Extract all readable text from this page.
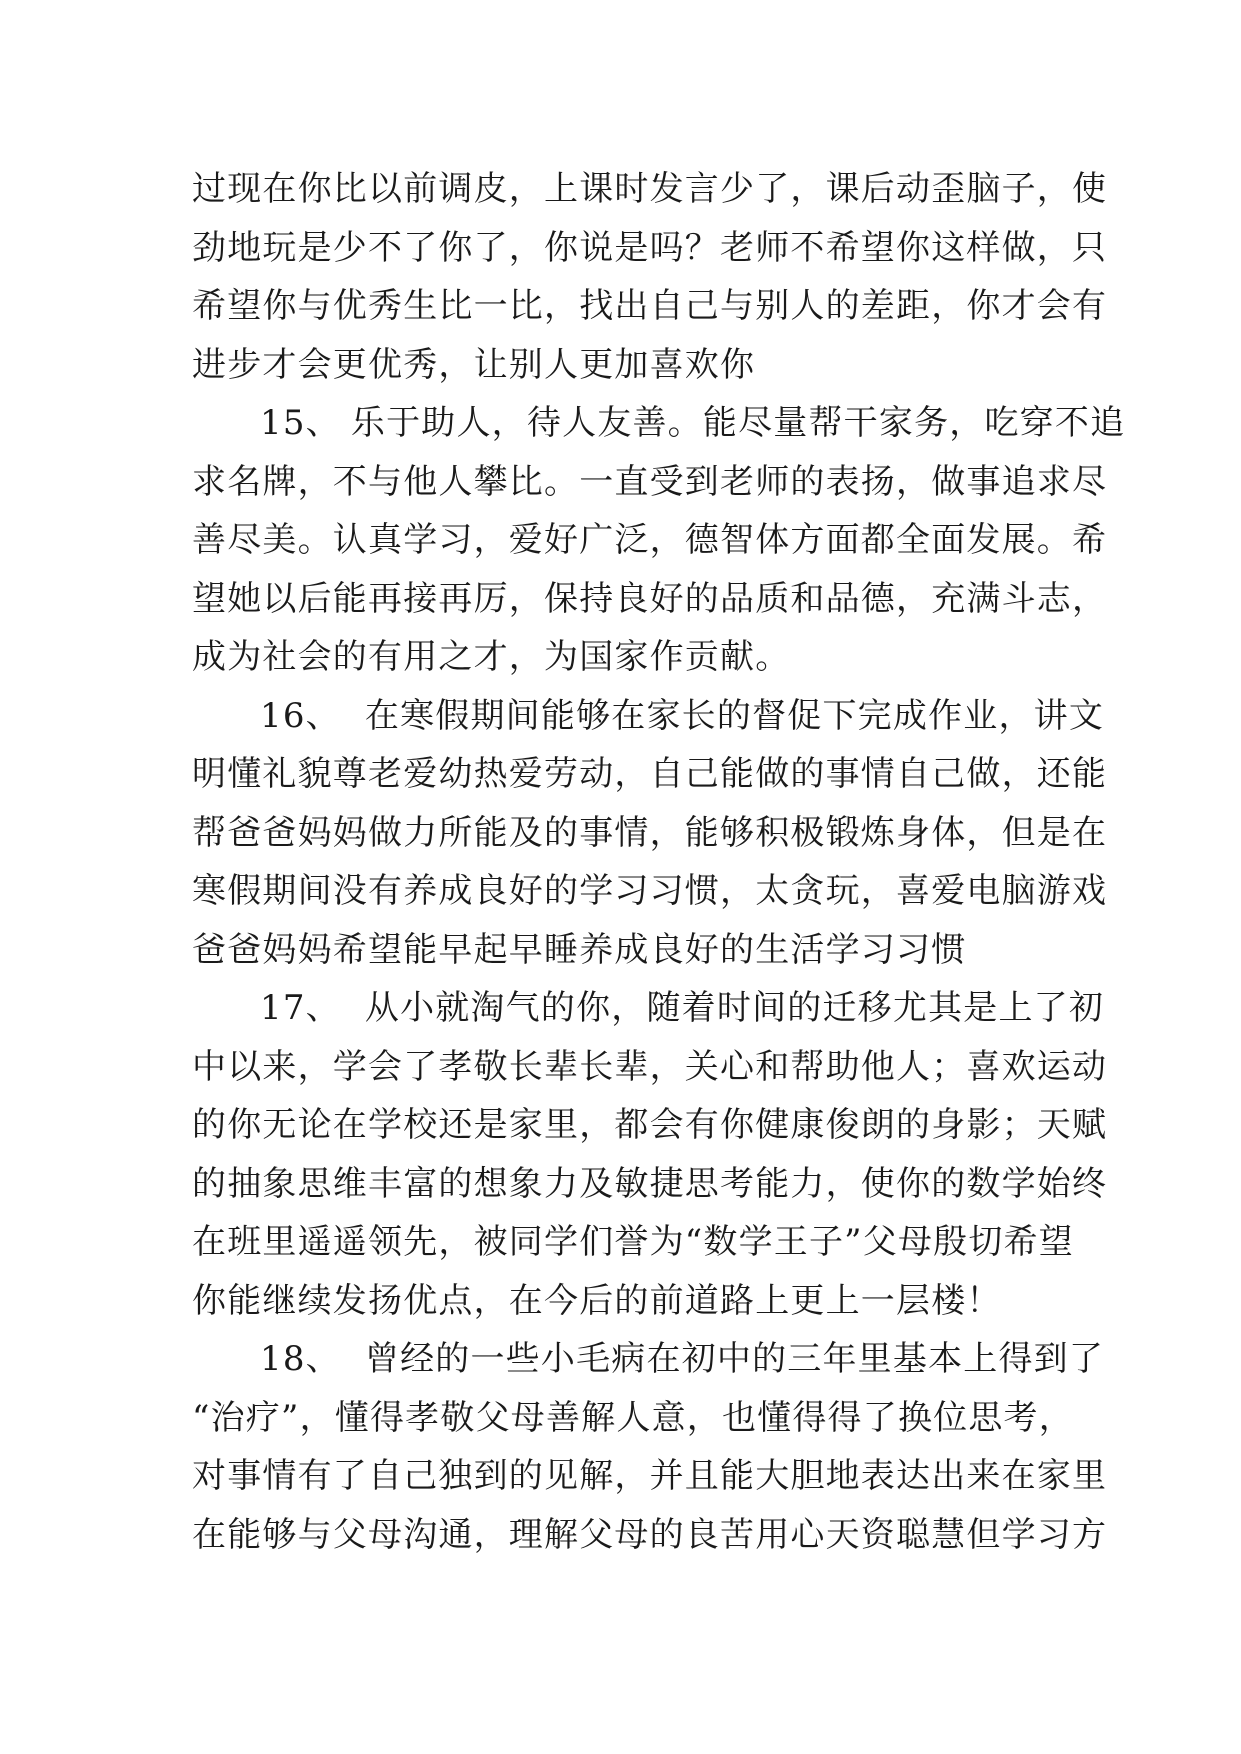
过现在你比以前调皮，上课时发言少了，课后动歪脑子，使
劲地玩是少不了你了，你说是吗？老师不希望你这样做，只
希望你与优秀生比一比，找出自己与别人的差距，你才会有
进步才会更优秀，让别人更加喜欢你

15、 乐于助人，待人友善。能尽量帮干家务，吃穿不追
求名牌，不与他人攀比。一直受到老师的表扬，做事追求尽
善尽美。认真学习，爱好广泛，德智体方面都全面发展。希
望她以后能再接再厉，保持良好的品质和品德，充满斗志，
成为社会的有用之才，为国家作贡献。

16、 在寒假期间能够在家长的督促下完成作业，讲文
明懂礼貌尊老爱幼热爱劳动，自己能做的事情自己做，还能
帮爸爸妈妈做力所能及的事情，能够积极锻炼身体，但是在
寒假期间没有养成良好的学习习惯，太贪玩，喜爱电脑游戏
爸爸妈妈希望能早起早睡养成良好的生活学习习惯

17、 从小就淘气的你，随着时间的迁移尤其是上了初
中以来，学会了孝敬长辈长辈，关心和帮助他人；喜欢运动
的你无论在学校还是家里，都会有你健康俊朗的身影；天赋
的抽象思维丰富的想象力及敏捷思考能力，使你的数学始终
在班里遥遥领先，被同学们誉为“数学王子”父母殷切希望
你能继续发扬优点，在今后的前道路上更上一层楼！

18、 曾经的一些小毛病在初中的三年里基本上得到了
“治疗”，懂得孝敬父母善解人意，也懂得得了换位思考，
对事情有了自己独到的见解，并且能大胆地表达出来在家里
在能够与父母沟通，理解父母的良苦用心天资聪慧但学习方
